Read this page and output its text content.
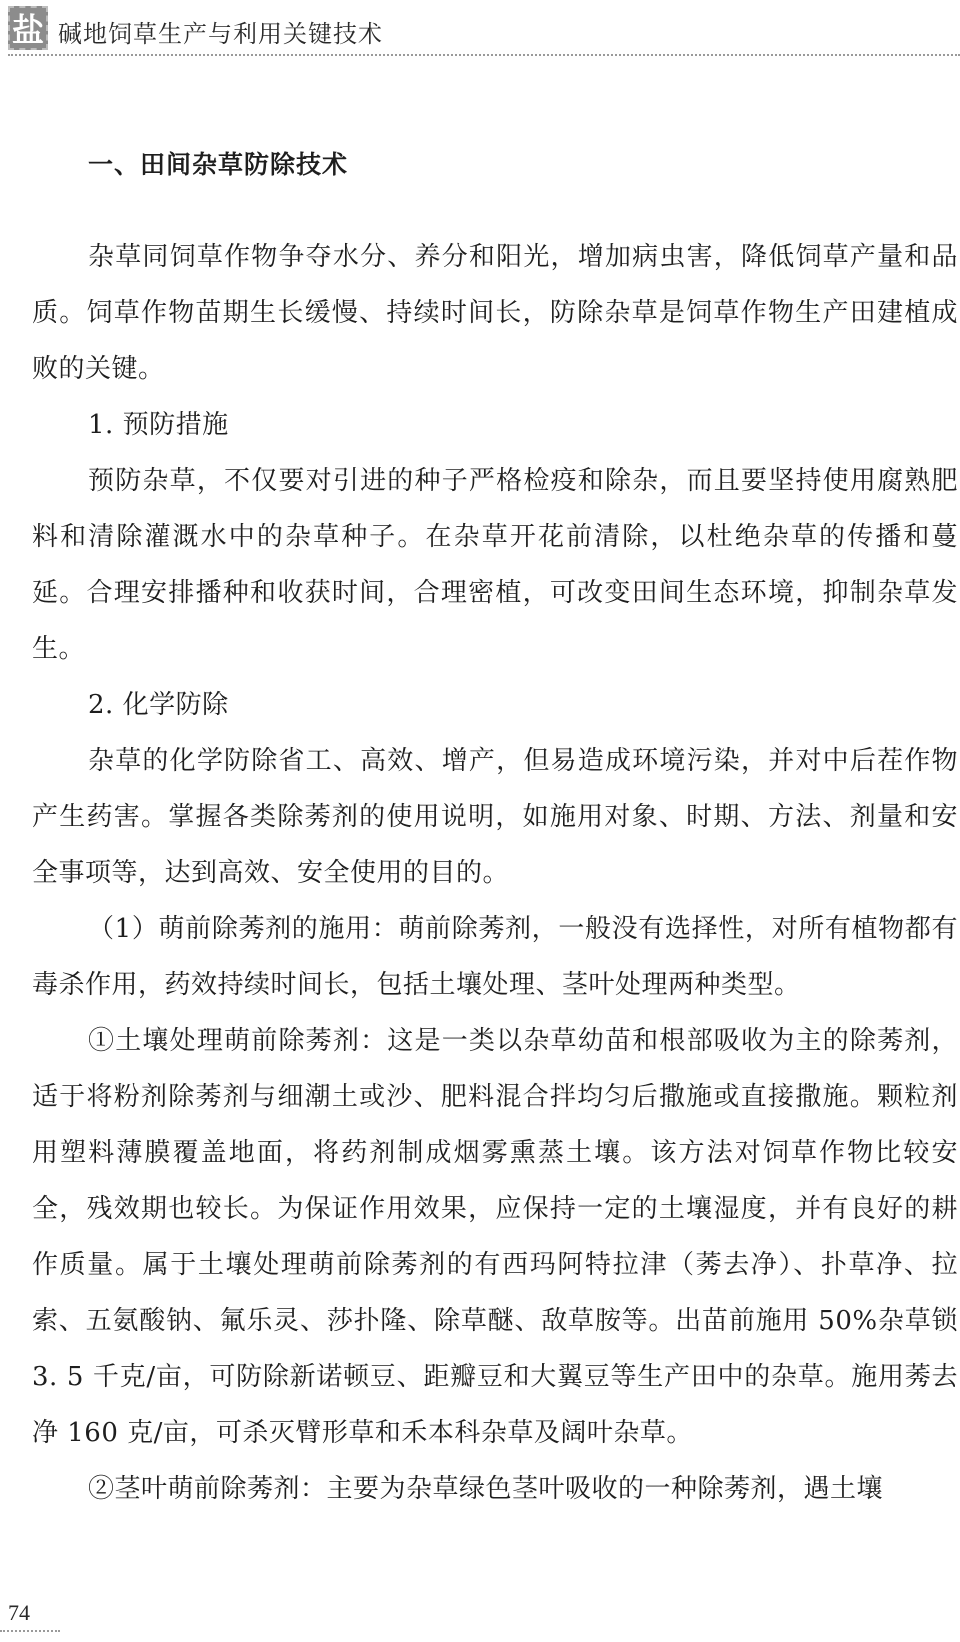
盐 碱地饲草生产与利用关键技术
一、田间杂草防除技术

杂草同饲草作物争夺水分、养分和阳光，增加病虫害，降低饲草产量和品质。饲草作物苗期生长缓慢、持续时间长，防除杂草是饲草作物生产田建植成败的关键。

1. 预防措施

预防杂草，不仅要对引进的种子严格检疫和除杂，而且要坚持使用腐熟肥料和清除灌溉水中的杂草种子。在杂草开花前清除，以杜绝杂草的传播和蔓延。合理安排播种和收获时间，合理密植，可改变田间生态环境，抑制杂草发生。

2. 化学防除

杂草的化学防除省工、高效、增产，但易造成环境污染，并对中后茬作物产生药害。掌握各类除莠剂的使用说明，如施用对象、时期、方法、剂量和安全事项等，达到高效、安全使用的目的。

（1）萌前除莠剂的施用：萌前除莠剂，一般没有选择性，对所有植物都有毒杀作用，药效持续时间长，包括土壤处理、茎叶处理两种类型。

①土壤处理萌前除莠剂：这是一类以杂草幼苗和根部吸收为主的除莠剂，适于将粉剂除莠剂与细潮土或沙、肥料混合拌均匀后撒施或直接撒施。颗粒剂用塑料薄膜覆盖地面，将药剂制成烟雾熏蒸土壤。该方法对饲草作物比较安全，残效期也较长。为保证作用效果，应保持一定的土壤湿度，并有良好的耕作质量。属于土壤处理萌前除莠剂的有西玛阿特拉津（莠去净）、扑草净、拉索、五氨酸钠、氟乐灵、莎扑隆、除草醚、敌草胺等。出苗前施用 50%杂草锁 3. 5 千克/亩，可防除新诺顿豆、距瓣豆和大翼豆等生产田中的杂草。施用莠去净 160 克/亩，可杀灭臂形草和禾本科杂草及阔叶杂草。

②茎叶萌前除莠剂：主要为杂草绿色茎叶吸收的一种除莠剂，遇土壤

74
